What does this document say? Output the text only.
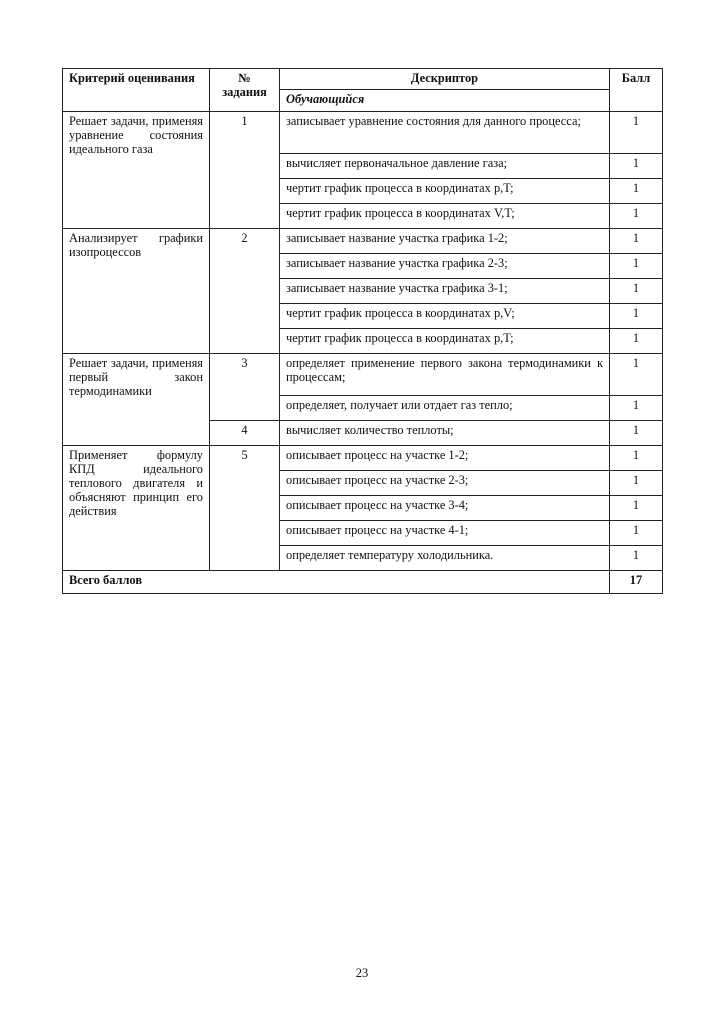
Критерий оценивания	№ задания	Дескриптор	Балл
		Обучающийся	
Решает задачи, применяя уравнение состояния идеального газа	1	записывает уравнение состояния для данного процесса;	1
		вычисляет первоначальное давление газа;	1
		чертит график процесса в координатах p,T;	1
		чертит график процесса в координатах V,T;	1
Анализирует графики изопроцессов	2	записывает название участка графика 1-2;	1
		записывает название участка графика 2-3;	1
		записывает название участка графика 3-1;	1
		чертит график процесса в координатах p,V;	1
		чертит график процесса в координатах p,T;	1
Решает задачи, применяя первый закон термодинамики	3	определяет применение первого закона термодинамики к процессам;	1
		определяет, получает или отдает газ тепло;	1
	4	вычисляет количество теплоты;	1
Применяет формулу КПД идеального теплового двигателя и объясняют принцип его действия	5	описывает процесс на участке 1-2;	1
		описывает процесс на участке 2-3;	1
		описывает процесс на участке 3-4;	1
		описывает процесс на участке 4-1;	1
		определяет температуру холодильника.	1
Всего баллов			17
23
